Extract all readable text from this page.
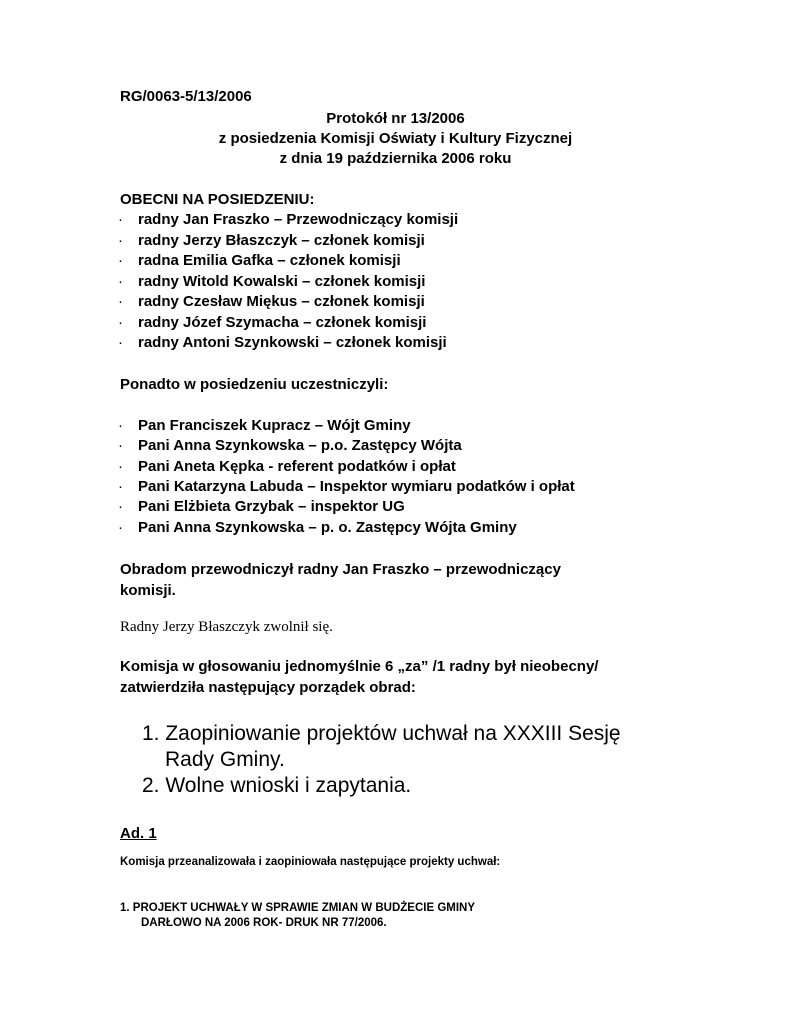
RG/0063-5/13/2006
Protokół nr 13/2006
z posiedzenia Komisji Oświaty i Kultury Fizycznej
z dnia 19 października 2006 roku
OBECNI NA POSIEDZENIU:
· radny Jan Fraszko – Przewodniczący komisji
· radny Jerzy Błaszczyk – członek komisji
· radna Emilia Gafka – członek komisji
· radny Witold Kowalski – członek komisji
· radny Czesław Miękus – członek komisji
· radny Józef Szymacha – członek komisji
· radny Antoni Szynkowski – członek komisji
Ponadto w posiedzeniu uczestniczyli:
· Pan Franciszek Kupracz – Wójt Gminy
· Pani Anna Szynkowska – p.o. Zastępcy Wójta
· Pani Aneta Kępka - referent podatków i opłat
· Pani Katarzyna Labuda – Inspektor wymiaru podatków i opłat
· Pani Elżbieta Grzybak – inspektor UG
· Pani Anna Szynkowska – p. o. Zastępcy Wójta Gminy
Obradom przewodniczył radny Jan Fraszko – przewodniczący
komisji.
Radny Jerzy Błaszczyk zwolnił się.
Komisja w głosowaniu jednomyślnie 6 „za” /1 radny był nieobecny/
zatwierdziła następujący porządek obrad:
1. Zaopiniowanie projektów uchwał na XXXIII Sesję
Rady Gminy.
2. Wolne wnioski i zapytania.
Ad. 1
Komisja przeanalizowała i zaopiniowała następujące projekty uchwał:
1. PROJEKT UCHWAŁY W SPRAWIE ZMIAN W BUDŻECIE GMINY
DARŁOWO NA 2006 ROK- DRUK NR 77/2006.
